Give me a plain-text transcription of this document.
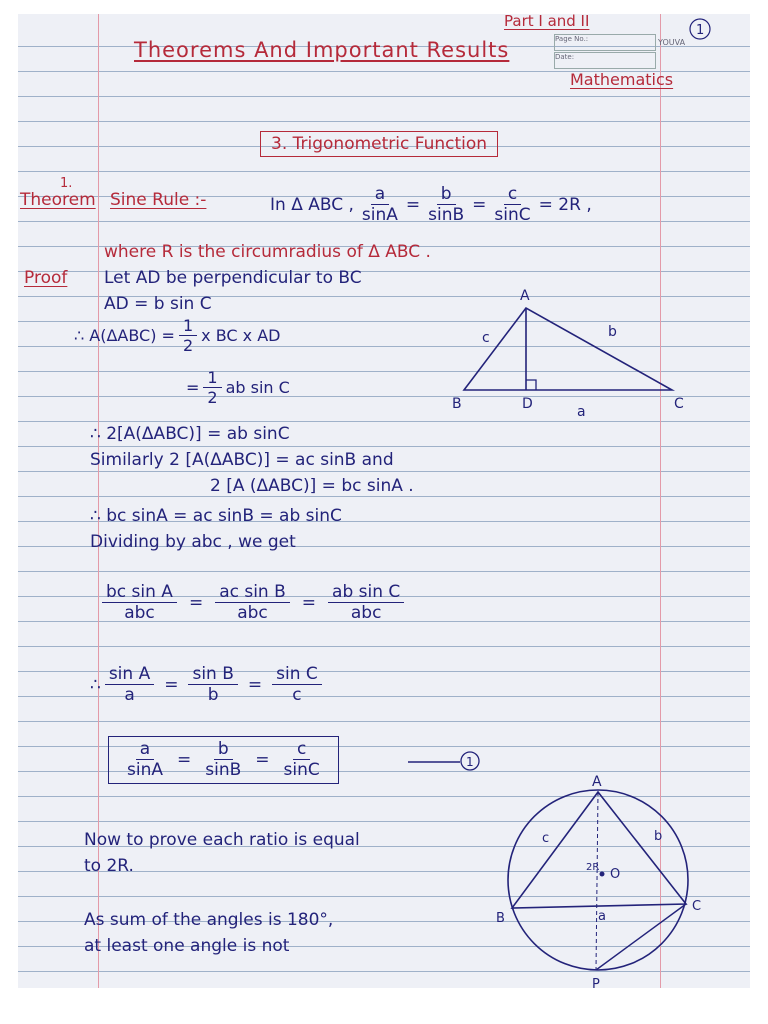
Part I and II
1
Page No.:
Date:
YOUVA
Theorems And Important Results
Mathematics
3. Trigonometric Function
1.
Theorem Sine Rule :-	In Δ ABC , $\frac{a}{\sin A} = \frac{b}{\sin B} = \frac{c}{\sin C} = 2R$ ,
where R is the circumradius of Δ ABC .
Proof Let AD be perpendicular to BC
AD = b sin C
∴ $A(\Delta ABC) = \frac{1}{2}$ x BC x AD
= $\frac{1}{2}$ ab sin C
∴ 2[A(ΔABC)] = ab sinC
Similarly 2 [A(ΔABC)] = ac sinB and
2 [A (ΔABC)] = bc sinA .
∴ bc sinA = ac sinB = ab sinC
Dividing by abc , we get
$\frac{\text{bc sin A}}{\text{abc}} = \frac{\text{ac sin B}}{\text{abc}} = \frac{\text{ab sin C}}{\text{abc}}$
∴ $\frac{\text{sin A}}{a} = \frac{\text{sin B}}{b} = \frac{\text{sin C}}{c}$
$\frac{a}{\sin A} = \frac{b}{\sin B} = \frac{c}{\sin C}$	1
Now to prove each ratio is equal
to 2R.
As sum of the angles is 180°,
at least one angle is not
A
B	C
D	a
b
c
A
B
C
P
O
2R
a
b
c
